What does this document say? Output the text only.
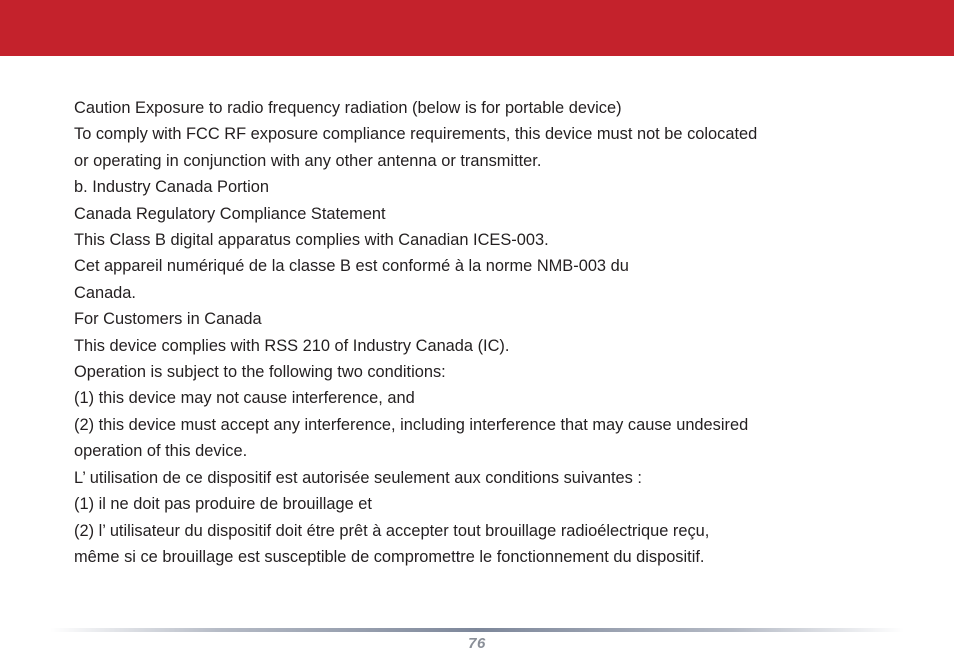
Caution Exposure to radio frequency radiation (below is for portable device)
To comply with FCC RF exposure compliance requirements, this device must not be colocated
or operating in conjunction with any other antenna or transmitter.
b. Industry Canada Portion
Canada Regulatory Compliance Statement
This Class B digital apparatus complies with Canadian ICES-003.
Cet appareil numériqué de la classe B est conformé à la norme NMB-003 du
Canada.
For Customers in Canada
This device complies with RSS 210 of Industry Canada (IC).
Operation is subject to the following two conditions:
(1) this device may not cause interference, and
(2) this device must accept any interference, including interference that may cause undesired
operation of this device.
L’ utilisation de ce dispositif est autorisée seulement aux conditions suivantes :
(1) il ne doit pas produire de brouillage et
(2) l’ utilisateur du dispositif doit étre prêt à accepter tout brouillage radioélectrique reçu,
même si ce brouillage est susceptible de compromettre le fonctionnement du dispositif.
76
